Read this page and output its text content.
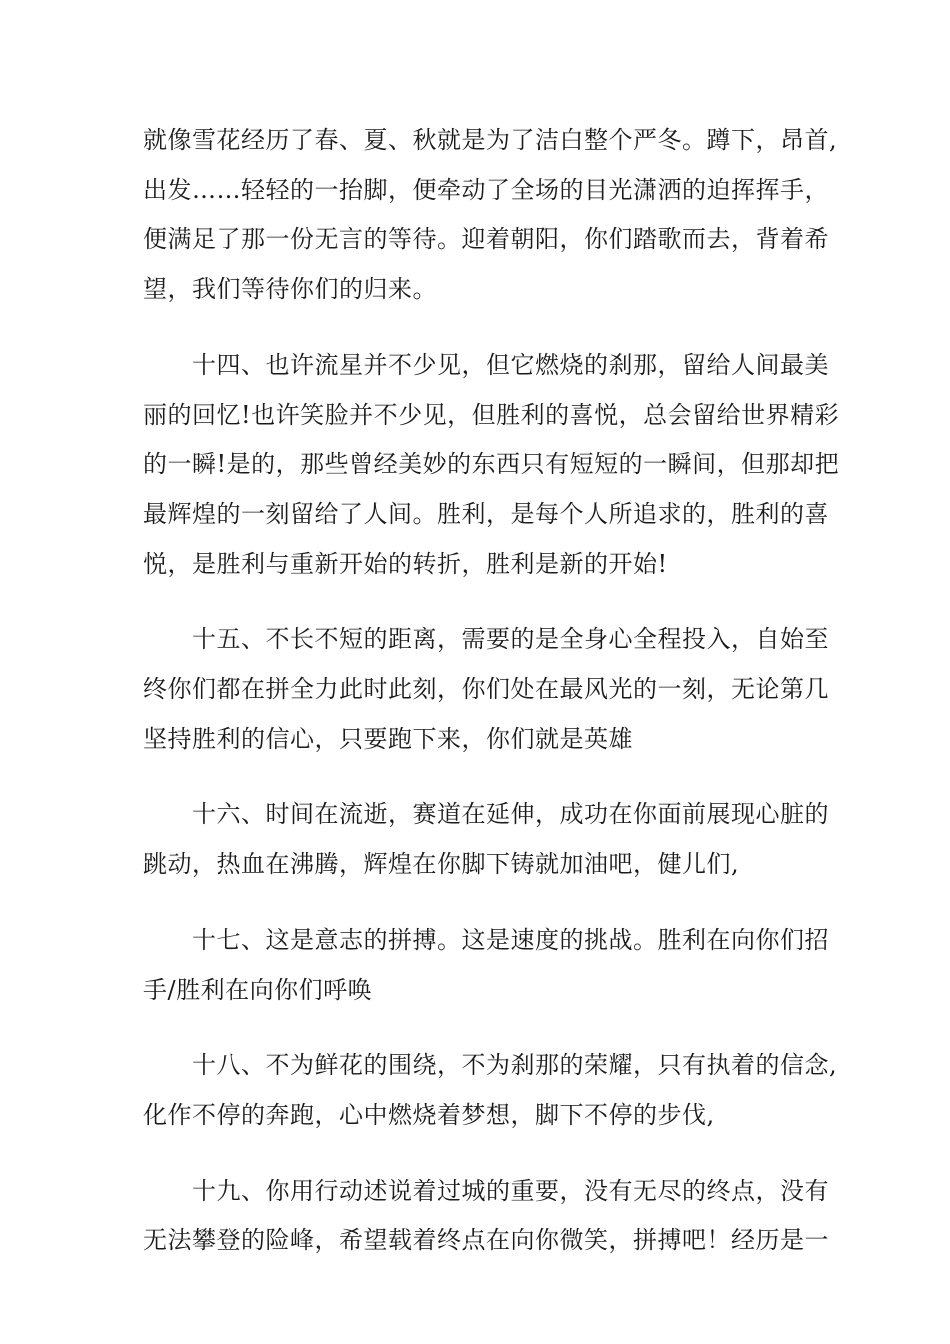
就像雪花经历了春、夏、秋就是为了洁白整个严冬。蹲下，昂首,
出发……轻轻的一抬脚，便牵动了全场的目光潇洒的迫挥挥手，
便满足了那一份无言的等待。迎着朝阳，你们踏歌而去，背着希
望，我们等待你们的归来。

　　十四、也许流星并不少见，但它燃烧的刹那，留给人间最美
丽的回忆!也许笑脸并不少见，但胜利的喜悦，总会留给世界精彩
的一瞬!是的，那些曾经美妙的东西只有短短的一瞬间，但那却把
最辉煌的一刻留给了人间。胜利，是每个人所追求的，胜利的喜
悦，是胜利与重新开始的转折，胜利是新的开始!

　　十五、不长不短的距离，需要的是全身心全程投入，自始至
终你们都在拼全力此时此刻，你们处在最风光的一刻，无论第几
坚持胜利的信心，只要跑下来，你们就是英雄

　　十六、时间在流逝，赛道在延伸，成功在你面前展现心脏的
跳动，热血在沸腾，辉煌在你脚下铸就加油吧，健儿们,

　　十七、这是意志的拼搏。这是速度的挑战。胜利在向你们招
手/胜利在向你们呼唤

　　十八、不为鲜花的围绕，不为刹那的荣耀，只有执着的信念,
化作不停的奔跑，心中燃烧着梦想，脚下不停的步伐,

　　十九、你用行动述说着过城的重要，没有无尽的终点，没有
无法攀登的险峰，希望载着终点在向你微笑，拼搏吧！经历是一
